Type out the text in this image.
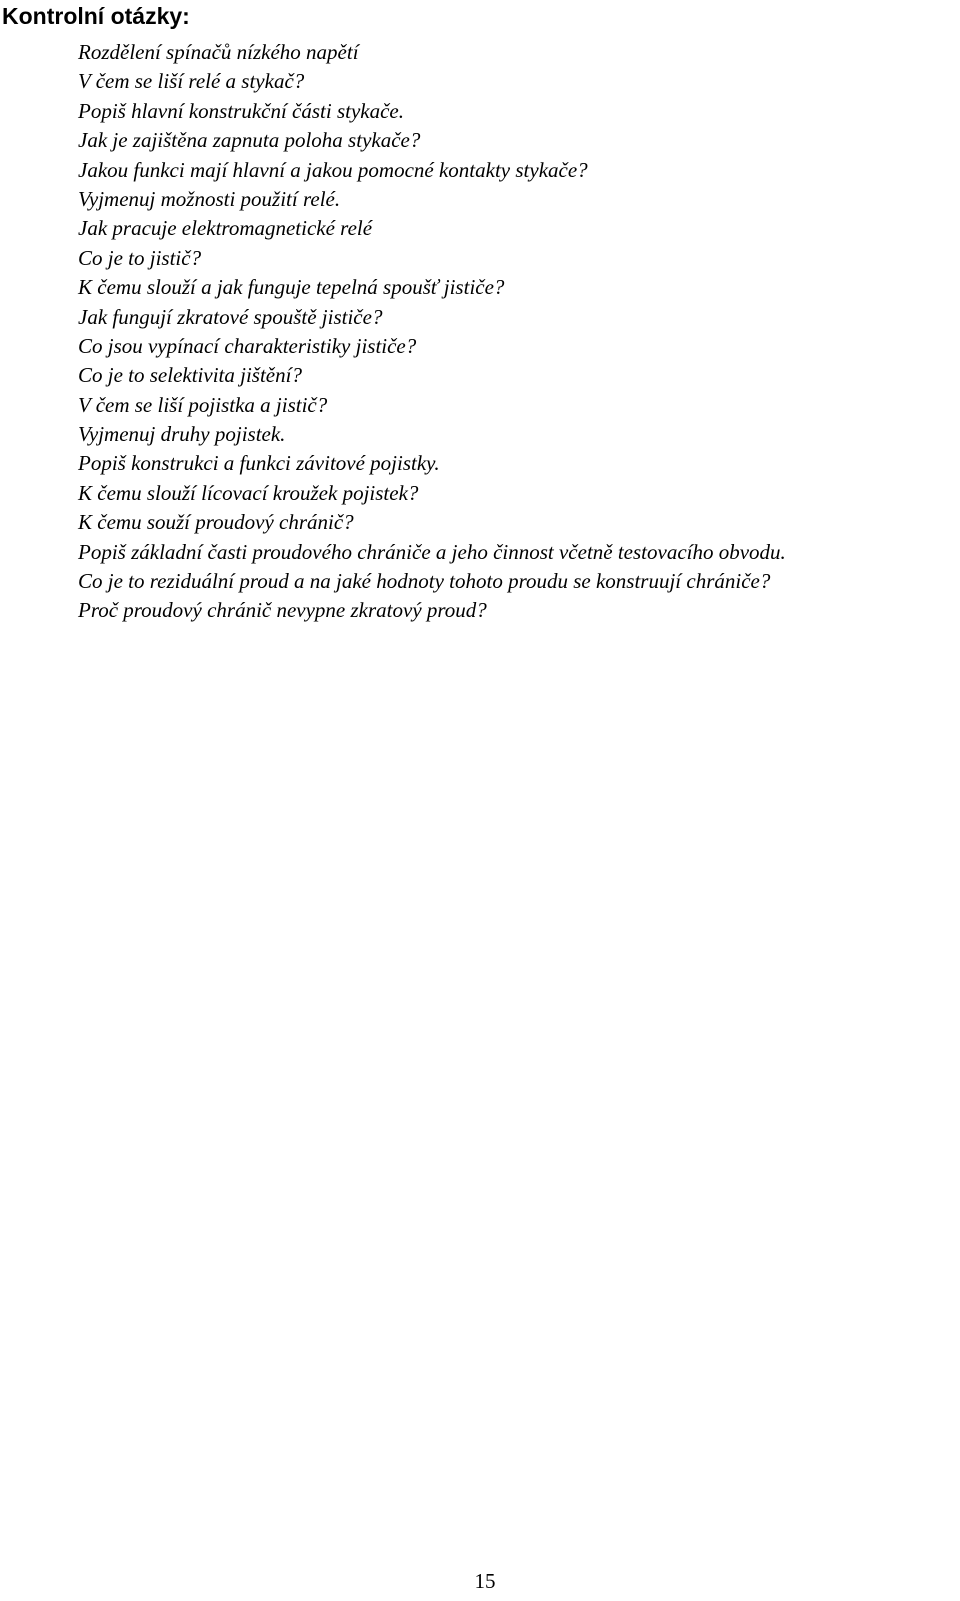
Kontrolní otázky:
Rozdělení spínačů nízkého napětí
V čem se liší relé a stykač?
Popiš hlavní konstrukční části stykače.
Jak je zajištěna zapnuta poloha stykače?
Jakou funkci mají hlavní a jakou pomocné kontakty stykače?
Vyjmenuj možnosti použití relé.
Jak pracuje elektromagnetické relé
Co je to jistič?
K čemu slouží a jak funguje tepelná spoušť jističe?
Jak fungují zkratové spouště jističe?
Co jsou vypínací charakteristiky jističe?
Co je to selektivita jištění?
V čem se liší pojistka a jistič?
Vyjmenuj druhy pojistek.
Popiš konstrukci a funkci závitové pojistky.
K čemu slouží lícovací kroužek pojistek?
K čemu souží proudový chránič?
Popiš základní časti proudového chrániče a jeho činnost včetně testovacího obvodu.
Co je to reziduální proud a na jaké hodnoty tohoto proudu se konstruují chrániče?
Proč proudový chránič nevypne zkratový proud?
15
